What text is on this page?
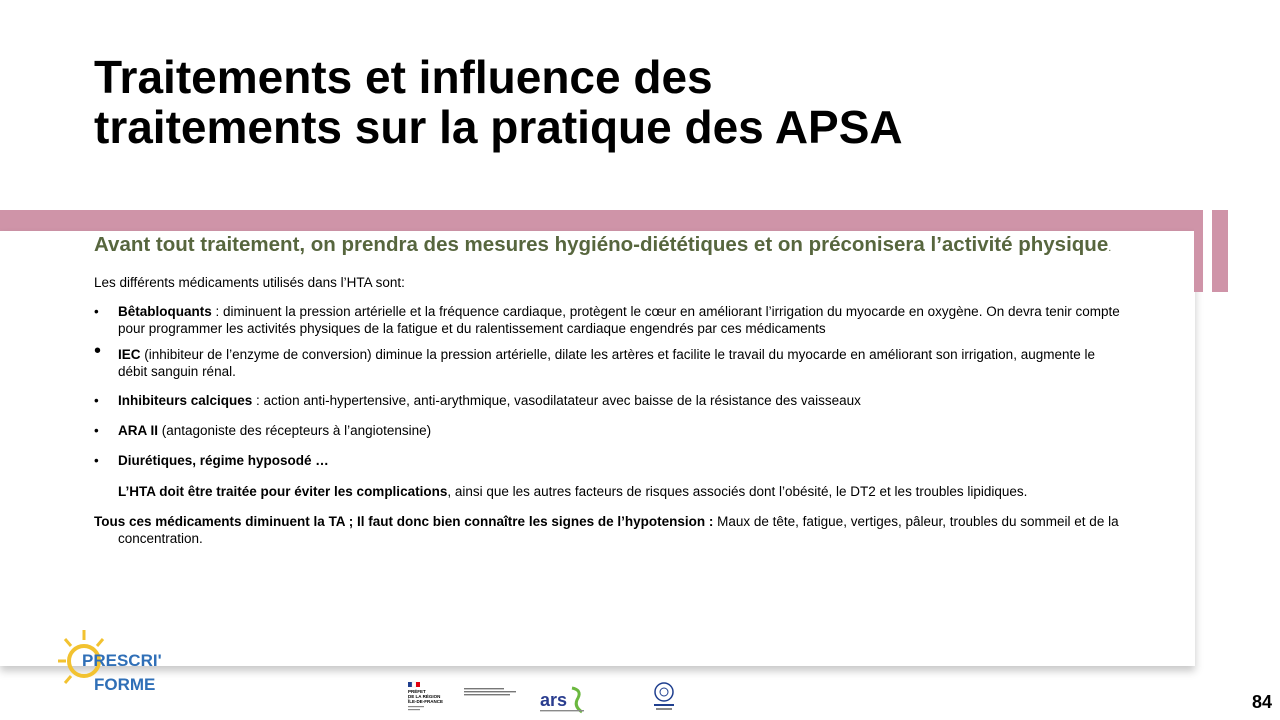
Traitements et influence des
traitements sur la pratique des APSA

Avant tout traitement, on prendra des mesures hygiéno-diététiques et on préconisera l’activité physique.

Les différents médicaments utilisés dans l’HTA sont:

• Bêtabloquants : diminuent la pression artérielle et la fréquence cardiaque, protègent le cœur en améliorant l’irrigation du myocarde en oxygène. On devra tenir compte pour programmer les activités physiques de la fatigue et du ralentissement cardiaque engendrés par ces médicaments
• IEC (inhibiteur de l’enzyme de conversion) diminue la pression artérielle, dilate les artères et facilite le travail du myocarde en améliorant son irrigation, augmente le débit sanguin rénal.
• Inhibiteurs calciques : action anti-hypertensive, anti-arythmique, vasodilatateur avec baisse de la résistance des vaisseaux
• ARA II (antagoniste des récepteurs à l’angiotensine)
• Diurétiques, régime hyposodé …

L’HTA doit être traitée pour éviter les complications, ainsi que les autres facteurs de risques associés dont l’obésité, le DT2 et les troubles lipidiques.

Tous ces médicaments diminuent la TA ; Il faut donc bien connaître les signes de l’hypotension : Maux de tête, fatigue, vertiges, pâleur, troubles du sommeil et de la concentration.

PRESCRI'
FORME	PRÉFET
DE LA RÉGION
ÎLE-DE-FRANCE	ars	84
